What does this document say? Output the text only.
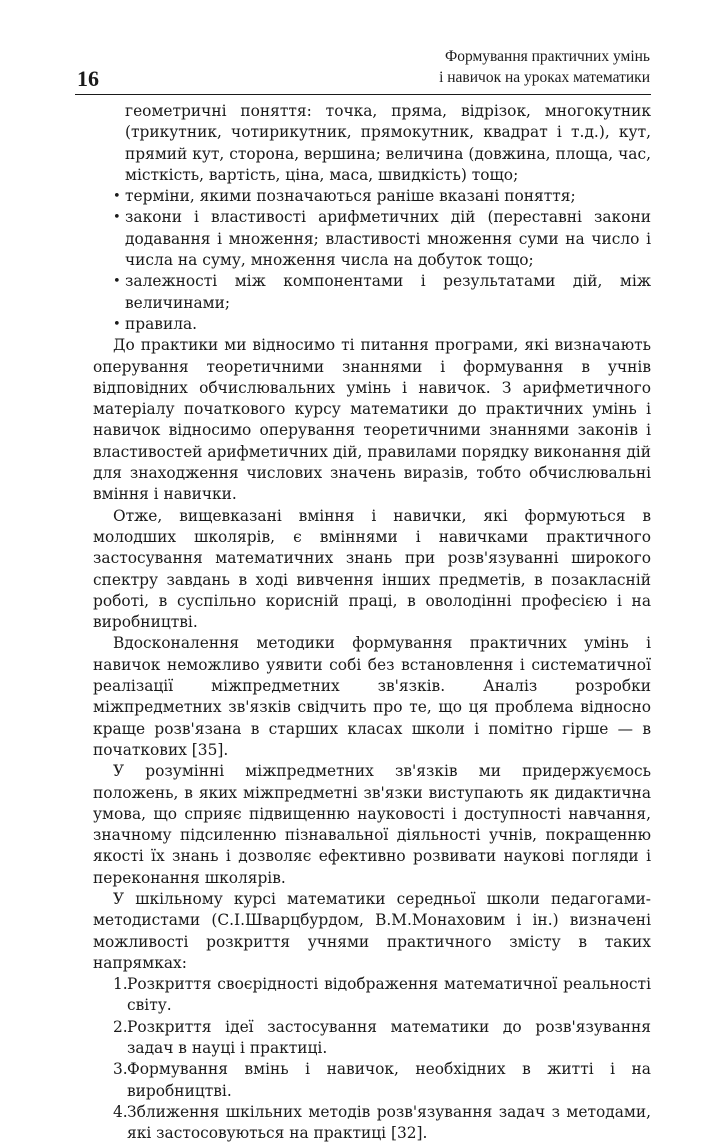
16
Формування практичних умінь
і навичок на уроках математики

геометричні поняття: точка, пряма, відрізок, многокутник (трикутник, чотирикутник, прямокутник, квадрат і т.д.), кут, прямий кут, сторона, вершина; величина (довжина, площа, час, місткість, вартість, ціна, маса, швидкість) тощо;

• терміни, якими позначаються раніше вказані поняття;

• закони і властивості арифметичних дій (переставні закони додавання і множення; властивості множення суми на число і числа на суму, множення числа на добуток тощо;

• залежності між компонентами і результатами дій, між величинами;

• правила.

До практики ми відносимо ті питання програми, які визначають оперування теоретичними знаннями і формування в учнів відповідних обчислювальних умінь і навичок. З арифметичного матеріалу початкового курсу математики до практичних умінь і навичок відносимо оперування теоретичними знаннями законів і властивостей арифметичних дій, правилами порядку виконання дій для знаходження числових значень виразів, тобто обчислювальні вміння і навички.

Отже, вищевказані вміння і навички, які формуються в молодших школярів, є вміннями і навичками практичного застосування математичних знань при розв'язуванні широкого спектру завдань в ході вивчення інших предметів, в позакласній роботі, в суспільно корисній праці, в оволодінні професією і на виробництві.

Вдосконалення методики формування практичних умінь і навичок неможливо уявити собі без встановлення і систематичної реалізації міжпредметних зв'язків. Аналіз розробки міжпредметних зв'язків свідчить про те, що ця проблема відносно краще розв'язана в старших класах школи і помітно гірше — в початкових [35].

У розумінні міжпредметних зв'язків ми придержуємось положень, в яких міжпредметні зв'язки виступають як дидактична умова, що сприяє підвищенню науковості і доступності навчання, значному підсиленню пізнавальної діяльності учнів, покращенню якості їх знань і дозволяє ефективно розвивати наукові погляди і переконання школярів.

У шкільному курсі математики середньої школи педагогами-методистами (С.І.Шварцбурдом, В.М.Монаховим і ін.) визначені можливості розкриття учнями практичного змісту в таких напрямках:

1. Розкриття своєрідності відображення математичної реальності світу.

2. Розкриття ідеї застосування математики до розв'язування задач в науці і практиці.

3. Формування вмінь і навичок, необхідних в житті і на виробництві.

4. Зближення шкільних методів розв'язування задач з методами, які застосовуються на практиці [32].
